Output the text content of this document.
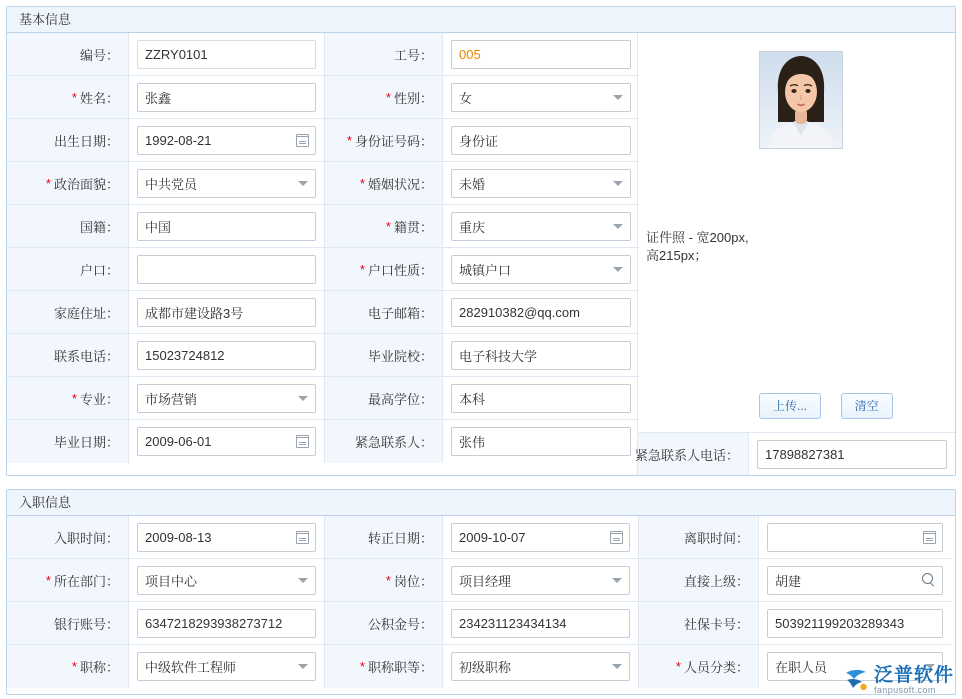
基本信息
编号：
ZZRY0101	工号：
005
* 姓名：
张鑫	* 性别：
女
出生日期：
1992-08-21	* 身份证号码：
身份证
* 政治面貌：
中共党员	* 婚姻状况：
未婚
国籍：
中国	* 籍贯：
重庆
户口：	* 户口性质：
城镇户口
家庭住址：
成都市建设路3号	电子邮箱：
282910382@qq.com
联系电话：
15023724812	毕业院校：
电子科技大学
* 专业：
市场营销	最高学位：
本科
毕业日期：
2009-06-01	紧急联系人：
张伟
证件照 - 宽200px, 高215px；
上传...	清空
紧急联系人电话：
17898827381
入职信息
入职时间：
2009-08-13	转正日期：
2009-10-07	离职时间：
* 所在部门：
项目中心	* 岗位：
项目经理	直接上级：
胡建
银行账号：
6347218293938273712	公积金号：
234231123434134	社保卡号：
503921199203289343
* 职称：
中级软件工程师	* 职称职等：
初级职称	* 人员分类：
在职人员	泛普软件
fanpusoft.com
